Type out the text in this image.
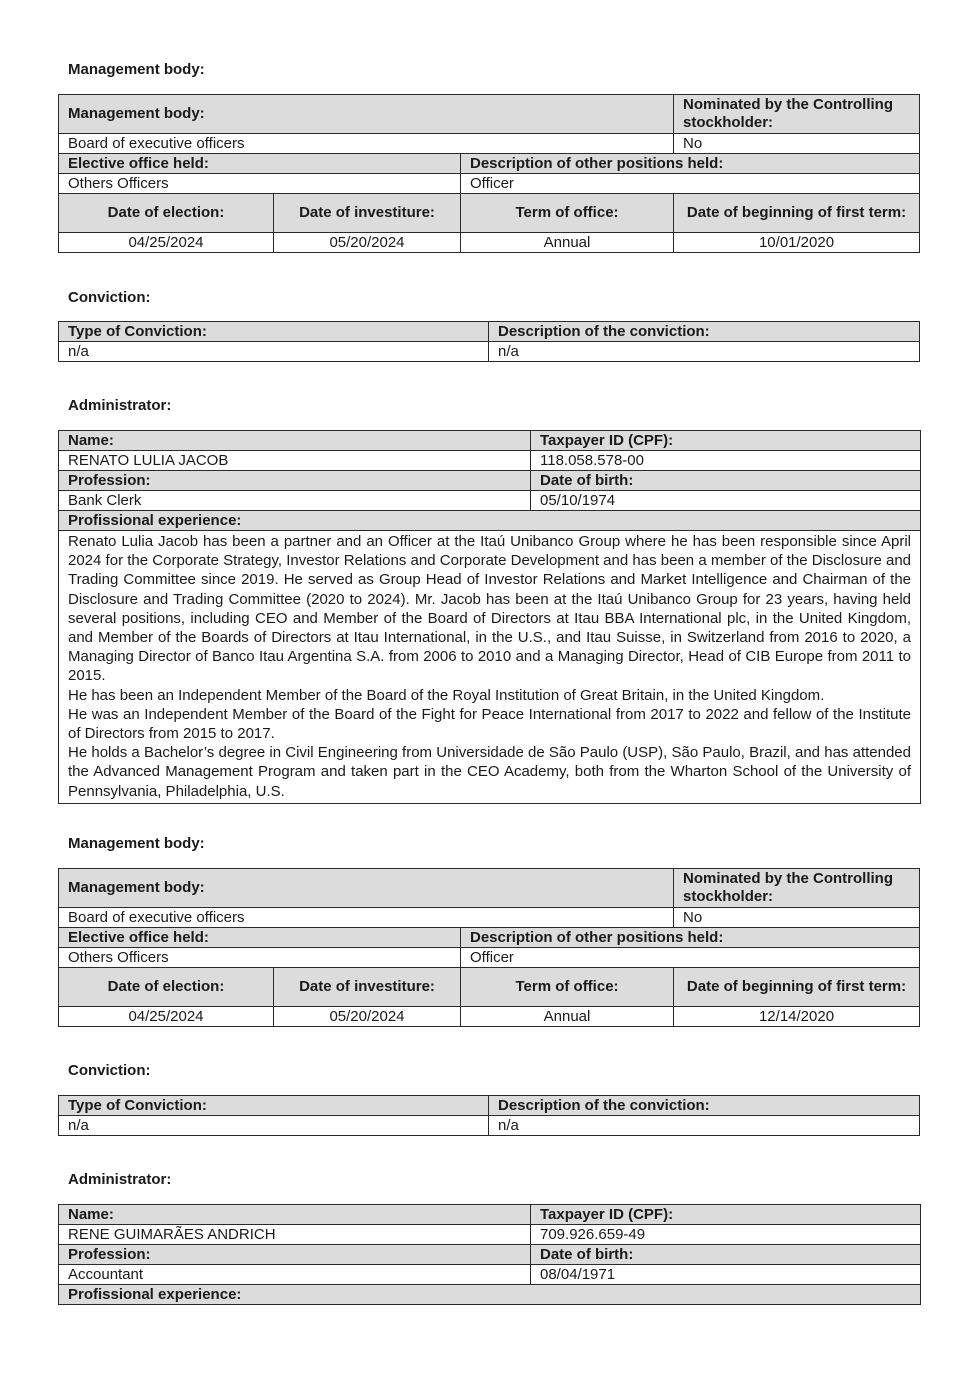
Management body:
Management body:			Nominated by the Controlling stockholder:
Board of executive officers			No
Elective office held:		Description of other positions held:	
Others Officers		Officer	
Date of election:	Date of investiture:	Term of office:	Date of beginning of first term:
04/25/2024	05/20/2024	Annual	10/01/2020
Conviction:
Type of Conviction:	Description of the conviction:
n/a	n/a
Administrator:
Name:	Taxpayer ID (CPF):
RENATO LULIA JACOB	118.058.578-00
Profession:	Date of birth:
Bank Clerk	05/10/1974
Profissional experience:	

Renato Lulia Jacob has been a partner and an Officer at the Itaú Unibanco Group where he has been responsible since April 2024 for the Corporate Strategy, Investor Relations and Corporate Development and has been a member of the Disclosure and Trading Committee since 2019. He served as Group Head of Investor Relations and Market Intelligence and Chairman of the Disclosure and Trading Committee (2020 to 2024). Mr. Jacob has been at the Itaú Unibanco Group for 23 years, having held several positions, including CEO and Member of the Board of Directors at Itau BBA International plc, in the United Kingdom, and Member of the Boards of Directors at Itau International, in the U.S., and Itau Suisse, in Switzerland from 2016 to 2020, a Managing Director of Banco Itau Argentina S.A. from 2006 to 2010 and a Managing Director, Head of CIB Europe from 2011 to 2015.
He has been an Independent Member of the Board of the Royal Institution of Great Britain, in the United Kingdom.
He was an Independent Member of the Board of the Fight for Peace International from 2017 to 2022 and fellow of the Institute of Directors from 2015 to 2017.
He holds a Bachelor’s degree in Civil Engineering from Universidade de São Paulo (USP), São Paulo, Brazil, and has attended the Advanced Management Program and taken part in the CEO Academy, both from the Wharton School of the University of Pennsylvania, Philadelphia, U.S.	
Management body:
Management body:			Nominated by the Controlling stockholder:
Board of executive officers			No
Elective office held:		Description of other positions held:	
Others Officers		Officer	
Date of election:	Date of investiture:	Term of office:	Date of beginning of first term:
04/25/2024	05/20/2024	Annual	12/14/2020
Conviction:
Type of Conviction:	Description of the conviction:
n/a	n/a
Administrator:
Name:	Taxpayer ID (CPF):
RENE GUIMARÃES ANDRICH	709.926.659-49
Profession:	Date of birth:
Accountant	08/04/1971
Profissional experience:	
